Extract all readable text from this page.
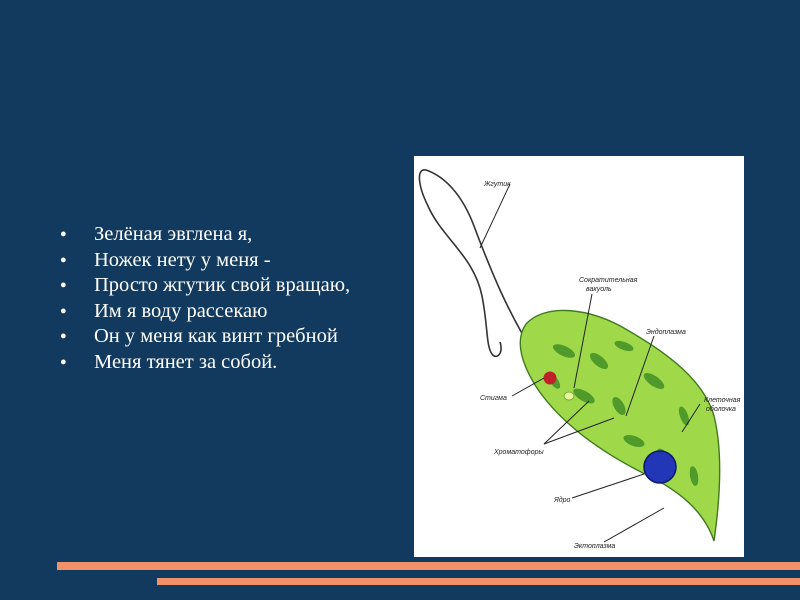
● Зелёная эвглена я,
● Ножек нету у меня -
● Просто жгутик свой вращаю,
● Им я воду рассекаю
● Он у меня как винт гребной
● Меня тянет за собой.
Жгутик
Сократительная
вакуоль
Эндоплазма
Стигма	Клеточная
оболочка
Хроматофоры
Ядро
Эктоплазма
